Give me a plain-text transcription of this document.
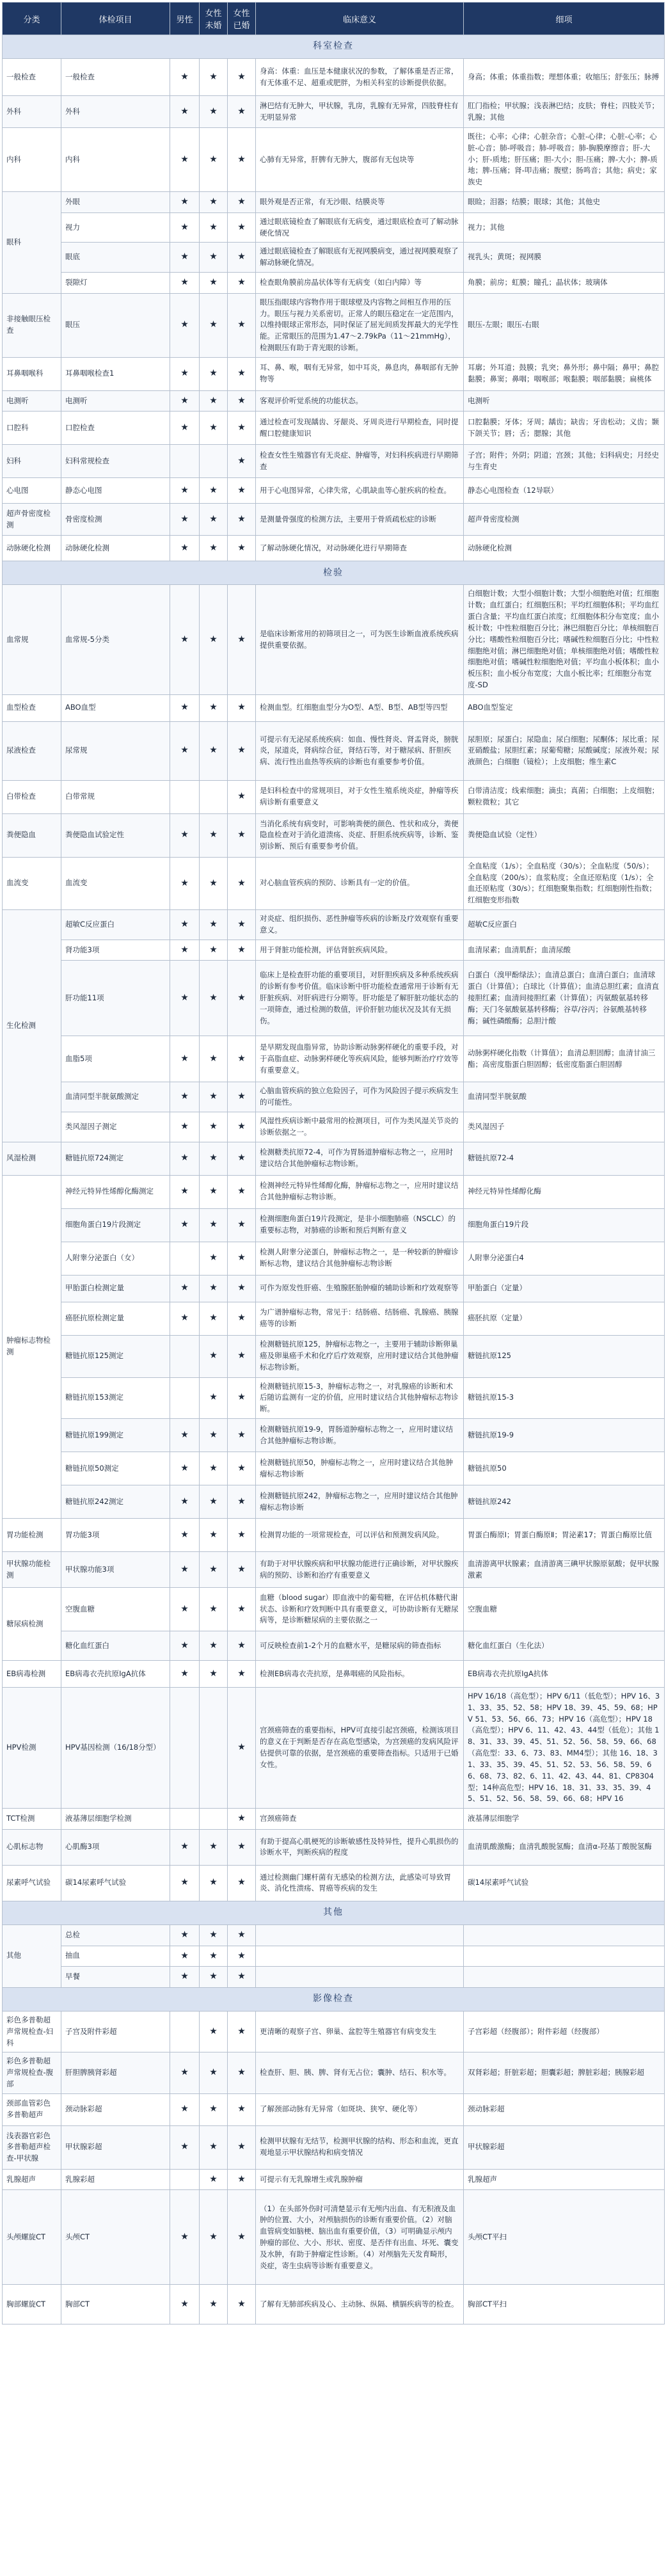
分类	体检项目	男性	女性未婚	女性已婚	临床意义	细项
科室检查						
一般检查	一般检查	★	★	★	身高：体重：血压是本健康状况的参数，了解体重是否正常，有无体重不足、超重或肥胖，为相关科室的诊断提供依据。	身高；体重；体重指数；理想体重；收缩压；舒张压；脉搏
外科	外科	★	★	★	淋巴结有无肿大，甲状腺，乳房，乳腺有无异常，四肢脊柱有无明显异常	肛门指检；甲状腺；浅表淋巴结；皮肤；脊柱；四肢关节；乳腺；其他
内科	内科	★	★	★	心肺有无异常，肝脾有无肿大，腹部有无包块等	既往；心率；心律；心脏杂音；心脏-心律；心脏-心率；心脏-心音；肺-呼吸音；肺-呼吸音；肺-胸膜摩擦音；肝-大小；肝-质地；肝压痛；胆-大小；胆-压痛；脾-大小；脾-质地；脾-压痛；肾-叩击痛；腹壁；肠鸣音；其他；病史；家族史
眼科	外眼	★	★	★	眼外观是否正常，有无沙眼、结膜炎等	眼睑；泪器；结膜；眼球；其他；其他史
	视力	★	★	★	通过眼底镜检查了解眼底有无病变，通过眼底检查可了解动脉硬化情况	视力；其他
	眼底	★	★	★	通过眼底镜检查了解眼底有无视网膜病变，通过视网膜观察了解动脉硬化情况。	视乳头；黄斑；视网膜
	裂隙灯	★	★	★	检查眼角膜前房晶状体等有无病变（如白内障）等	角膜；前房；虹膜；瞳孔；晶状体；玻璃体
非接触眼压检查	眼压	★	★	★	眼压指眼球内容物作用于眼球壁及内容物之间相互作用的压力。眼压与视力关系密切。正常人的眼压稳定在一定范围内，以维持眼球正常形态，同时保证了屈光间质发挥最大的光学性能。正常眼压的范围为1.47～2.79kPa（11～21mmHg），检测眼压有助于青光眼的诊断。	眼压-左眼；眼压-右眼
耳鼻咽喉科	耳鼻咽喉检查1	★	★	★	耳、鼻、喉，咽有无异常，如中耳炎，鼻息肉，鼻咽部有无肿物等	耳廓；外耳道；鼓膜；乳突；鼻外形；鼻中隔；鼻甲；鼻腔黏膜；鼻窦；鼻咽；咽喉部；喉黏膜；咽部黏膜；扁桃体
电测听	电测听	★	★	★	客观评价听觉系统的功能状态。	电测听
口腔科	口腔检查	★	★	★	通过检查可发现龋齿、牙龈炎、牙周炎进行早期检查，同时提醒口腔健康知识	口腔黏膜；牙体；牙周；龋齿；缺齿；牙齿松动；义齿；颞下颌关节；唇；舌；腮腺；其他
妇科	妇科常规检查			★	检查女性生殖器官有无炎症、肿瘤等，对妇科疾病进行早期筛查	子宫；附件；外阴；阴道；宫颈；其他；妇科病史；月经史与生育史
心电图	静态心电图	★	★	★	用于心电图异常，心律失常，心肌缺血等心脏疾病的检查。	静态心电图检查（12导联）
超声骨密度检测	骨密度检测	★	★	★	是测量骨强度的检测方法，主要用于骨质疏松症的诊断	超声骨密度检测
动脉硬化检测	动脉硬化检测	★	★	★	了解动脉硬化情况，对动脉硬化进行早期筛查	动脉硬化检测
检验						
血常规	血常规-5分类	★	★	★	是临床诊断常用的初筛项目之一，可为医生诊断血液系统疾病提供重要依据。	白细胞计数；大型小细胞计数；大型小细胞绝对值；红细胞计数；血红蛋白；红细胞压积；平均红细胞体积；平均血红蛋白含量；平均血红蛋白浓度；红细胞体积分布宽度；血小板计数；中性粒细胞百分比；淋巴细胞百分比；单核细胞百分比；嗜酸性粒细胞百分比；嗜碱性粒细胞百分比；中性粒细胞绝对值；淋巴细胞绝对值；单核细胞绝对值；嗜酸性粒细胞绝对值；嗜碱性粒细胞绝对值；平均血小板体积；血小板压积；血小板分布宽度；大血小板比率；红细胞分布宽度-SD
血型检查	ABO血型	★	★	★	检测血型。红细胞血型分为O型、A型、B型、AB型等四型	ABO血型鉴定
尿液检查	尿常规	★	★	★	可提示有无泌尿系统疾病：如血、慢性肾炎、肾盂肾炎，膀胱炎，尿道炎，肾病综合征，肾结石等，对于糖尿病、肝胆疾病、流行性出血热等疾病的诊断也有重要参考价值。	尿胆原；尿蛋白；尿隐血；尿白细胞；尿酮体；尿比重；尿亚硝酸盐；尿胆红素；尿葡萄糖；尿酸碱度；尿液外观；尿液颜色；白细胞（镜检）；上皮细胞；维生素C
白带检查	白带常规			★	是妇科检查中的常规项目，对于女性生殖系统炎症，肿瘤等疾病诊断有重要意义	白带清洁度；线索细胞；滴虫；真菌；白细胞；上皮细胞；颗粒微粒；其它
粪便隐血	粪便隐血试验定性	★	★	★	当消化系统有病变时，可影响粪便的颜色、性状和成分，粪便隐血检查对于消化道溃疡、炎症、肝胆系统疾病等，诊断、鉴别诊断、预后有重要参考价值。	粪便隐血试验（定性）
血流变	血流变	★	★	★	对心脑血管疾病的预防、诊断具有一定的价值。	全血粘度（1/s）；全血粘度（30/s）；全血粘度（50/s）；全血粘度（200/s）；血浆粘度；全血还原粘度（1/s）；全血还原粘度（30/s）；红细胞聚集指数；红细胞刚性指数；红细胞变形指数
生化检测	超敏C反应蛋白	★	★	★	对炎症、组织损伤、恶性肿瘤等疾病的诊断及疗效观察有重要意义。	超敏C反应蛋白
	肾功能3项	★	★	★	用于肾脏功能检测，评估肾脏疾病风险。	血清尿素；血清肌酐；血清尿酸
	肝功能11项	★	★	★	临床上是检查肝功能的重要项目，对肝胆疾病及多种系统疾病的诊断有参考价值。临床诊断中肝功能检查通常用于诊断有无肝脏疾病、对肝病进行分期等。肝功能是了解肝脏功能状态的一项筛查，通过检测的数值，评价肝脏功能状况及其有无损伤。	白蛋白（溴甲酚绿法）；血清总蛋白；血清白蛋白；血清球蛋白（计算值）；白球比（计算值）；血清总胆红素；血清直接胆红素；血清间接胆红素（计算值）；丙氨酸氨基转移酶；天门冬氨酸氨基转移酶；谷草/谷丙；谷氨酰基转移酶；碱性磷酸酶；总胆汁酸
	血脂5项	★	★	★	是早期发现血脂异常，协助诊断动脉粥样硬化的重要手段，对于高脂血症、动脉粥样硬化等疾病风险，能够判断治疗疗效等有重要意义。	动脉粥样硬化指数（计算值）；血清总胆固醇；血清甘油三酯；高密度脂蛋白胆固醇；低密度脂蛋白胆固醇
	血清同型半胱氨酸测定	★	★	★	心脑血管疾病的独立危险因子，可作为风险因子提示疾病发生的可能性。	血清同型半胱氨酸
	类风湿因子测定	★	★	★	风湿性疾病诊断中最常用的检测项目，可作为类风湿关节炎的诊断依据之一。	类风湿因子
风湿检测	糖链抗原724测定	★	★	★	检测糖类抗原72-4，可作为胃肠道肿瘤标志物之一，应用时建议结合其他肿瘤标志物诊断。	糖链抗原72-4
肿瘤标志物检测	神经元特异性烯醇化酶测定	★	★	★	检测神经元特异性烯醇化酶，肿瘤标志物之一，应用时建议结合其他肿瘤标志物诊断。	神经元特异性烯醇化酶
	细胞角蛋白19片段测定	★	★	★	检测细胞角蛋白19片段测定，是非小细胞肺癌（NSCLC）的重要标志物，对肺癌的诊断和预后判断有意义	细胞角蛋白19片段
	人附睾分泌蛋白（女）		★	★	检测人附睾分泌蛋白，肿瘤标志物之一，是一种较新的肿瘤诊断标志物，建议结合其他肿瘤标志物诊断	人附睾分泌蛋白4
	甲胎蛋白检测定量	★	★	★	可作为原发性肝癌、生殖腺胚胎肿瘤的辅助诊断和疗效观察等	甲胎蛋白（定量）
	癌胚抗原检测定量	★	★	★	为广谱肿瘤标志物，常见于：结肠癌、结肠癌、乳腺癌、胰腺癌等的诊断	癌胚抗原（定量）
	糖链抗原125测定		★	★	检测糖链抗原125，肿瘤标志物之一，主要用于辅助诊断卵巢癌及卵巢癌手术和化疗后疗效观察，应用时建议结合其他肿瘤标志物诊断。	糖链抗原125
	糖链抗原153测定		★	★	检测糖链抗原15-3，肿瘤标志物之一，对乳腺癌的诊断和术后随访监测有一定的价值，应用时建议结合其他肿瘤标志物诊断。	糖链抗原15-3
	糖链抗原199测定	★	★	★	检测糖链抗原19-9，胃肠道肿瘤标志物之一，应用时建议结合其他肿瘤标志物诊断。	糖链抗原19-9
	糖链抗原50测定	★	★	★	检测糖链抗原50，肿瘤标志物之一，应用时建议结合其他肿瘤标志物诊断	糖链抗原50
	糖链抗原242测定	★	★	★	检测糖链抗原242，肿瘤标志物之一，应用时建议结合其他肿瘤标志物诊断	糖链抗原242
胃功能检测	胃功能3项	★	★	★	检测胃功能的一项常规检查，可以评估和预测发病风险。	胃蛋白酶原Ⅰ；胃蛋白酶原Ⅱ；胃泌素17；胃蛋白酶原比值
甲状腺功能检测	甲状腺功能3项	★	★	★	有助于对甲状腺疾病和甲状腺功能进行正确诊断，对甲状腺疾病的预防、诊断和治疗有重要意义	血清游离甲状腺素；血清游离三碘甲状腺原氨酸；促甲状腺激素
糖尿病检测	空腹血糖	★	★	★	血糖（blood sugar）即血液中的葡萄糖，在评估机体糖代谢状态、诊断和疗效判断中具有重要意义，可协助诊断有无糖尿病等，是诊断糖尿病的主要依据之一	空腹血糖
	糖化血红蛋白	★	★	★	可反映检查前1-2个月的血糖水平，是糖尿病的筛查指标	糖化血红蛋白（生化法）
EB病毒检测	EB病毒衣壳抗原IgA抗体	★	★	★	检测EB病毒衣壳抗原，是鼻咽癌的风险指标。	EB病毒衣壳抗原IgA抗体
HPV检测	HPV基因检测（16/18分型）			★	宫颈癌筛查的重要指标，HPV可直接引起宫颈癌，检测该项目的意义在于判断是否存在高危型感染，为宫颈癌的发病风险评估提供可靠的依据，是宫颈癌的重要筛查指标。只适用于已婚女性。	HPV 16/18（高危型）；HPV 6/11（低危型）；HPV 16、31、33、35、52、58；HPV 18、39、45、59、68；HPV 51、53、56、66、73；HPV 16（高危型）；HPV 18（高危型）；HPV 6、11、42、43、44型（低危）；其他 18、31、33、39、45、51、52、56、58、59、66、68（高危型：33、6、73、83、MM4型）；其他 16、18、31、33、35、39、45、51、52、53、56、58、59、66、68、73、82、6、11、42、43、44、81、CP8304型；14种高危型；HPV 16、18、31、33、35、39、45、51、52、56、58、59、66、68；HPV 16
TCT检测	液基薄层细胞学检测			★	宫颈癌筛查	液基薄层细胞学
心肌标志物	心肌酶3项	★	★	★	有助于提高心肌梗死的诊断敏感性及特异性，提升心肌损伤的诊断水平，判断疾病的程度	血清肌酸激酶；血清乳酸脱氢酶；血清α-羟基丁酸脱氢酶
尿素呼气试验	碳14尿素呼气试验	★	★	★	通过检测幽门螺杆菌有无感染的检测方法，此感染可导致胃炎、消化性溃疡、胃癌等疾病的发生	碳14尿素呼气试验
其他						
其他	总检	★	★	★		
	抽血	★	★	★		
	早餐	★	★	★		
影像检查						
彩色多普勒超声常规检查-妇科	子宫及附件彩超		★	★	更清晰的观察子宫、卵巢、盆腔等生殖器官有病变发生	子宫彩超（经腹部）；附件彩超（经腹部）
彩色多普勒超声常规检查-腹部	肝胆脾胰肾彩超	★	★	★	检查肝、胆、胰、脾、肾有无占位；囊肿、结石、积水等。	双肾彩超；肝脏彩超；胆囊彩超；脾脏彩超；胰腺彩超
颈部血管彩色多普勒超声	颈动脉彩超	★	★	★	了解颈部动脉有无异常（如斑块、狭窄、硬化等）	颈动脉彩超
浅表器官彩色多普勒超声检查-甲状腺	甲状腺彩超	★	★	★	检测甲状腺有无结节，检测甲状腺的结构、形态和血流，更直观地显示甲状腺结构和病变情况	甲状腺彩超
乳腺超声	乳腺彩超		★	★	可提示有无乳腺增生或乳腺肿瘤	乳腺超声
头颅螺旋CT	头颅CT	★	★	★	（1）在头部外伤时可清楚显示有无颅内出血、有无积液及血肿的位置、大小，对颅脑损伤的诊断有重要价值。（2）对脑血管病变如脑梗、脑出血有重要价值，（3）可明确显示颅内肿瘤的部位、大小、形状、密度、是否伴有出血、坏死、囊变及水肿，有助于肿瘤定性诊断。（4）对颅脑先天发育畸形，炎症，寄生虫病等诊断有重要意义。	头颅CT平扫
胸部螺旋CT	胸部CT	★	★	★	了解有无肺部疾病及心、主动脉、纵隔、横膈疾病等的检查。	胸部CT平扫
